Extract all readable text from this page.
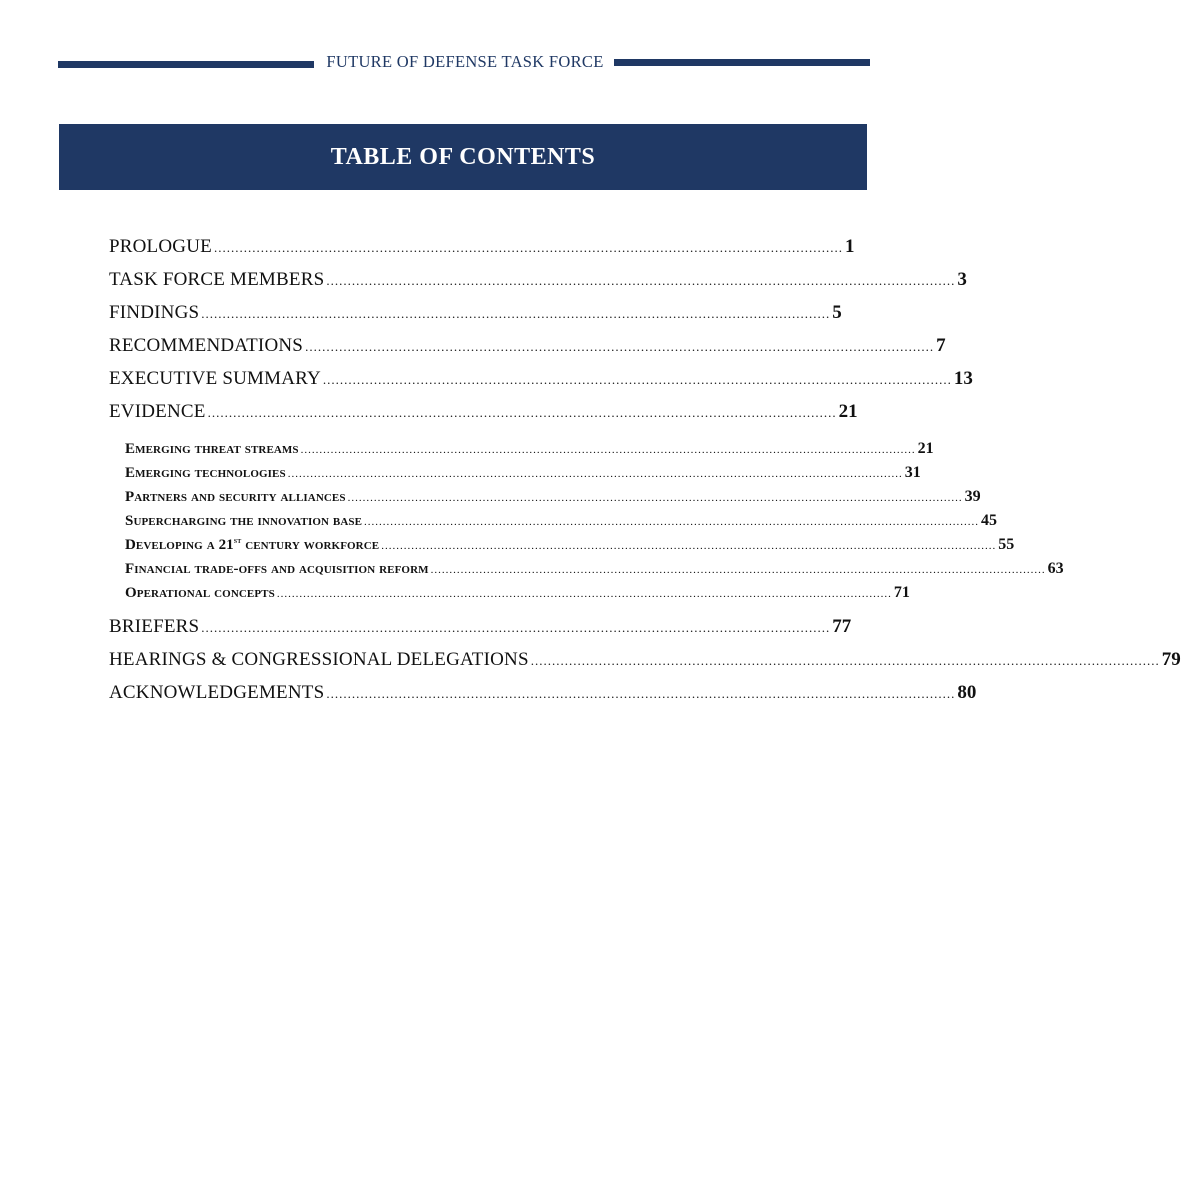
FUTURE OF DEFENSE TASK FORCE
TABLE OF CONTENTS
PROLOGUE .................................................................................................................................................... 1
TASK FORCE MEMBERS .................................................................................................................................................... 3
FINDINGS .................................................................................................................................................... 5
RECOMMENDATIONS .................................................................................................................................................... 7
EXECUTIVE SUMMARY .................................................................................................................................................... 13
EVIDENCE .................................................................................................................................................... 21
Emerging threat streams .................................................................................................................................................................... 21
Emerging technologies .................................................................................................................................................................... 31
Partners and security alliances .................................................................................................................................................................... 39
Supercharging the innovation base .................................................................................................................................................................... 45
Developing a 21st century workforce .................................................................................................................................................................... 55
Financial trade-offs and acquisition reform .................................................................................................................................................................... 63
Operational concepts .................................................................................................................................................................... 71
BRIEFERS .................................................................................................................................................... 77
HEARINGS & CONGRESSIONAL DELEGATIONS .................................................................................................................................................... 79
ACKNOWLEDGEMENTS .................................................................................................................................................... 80
